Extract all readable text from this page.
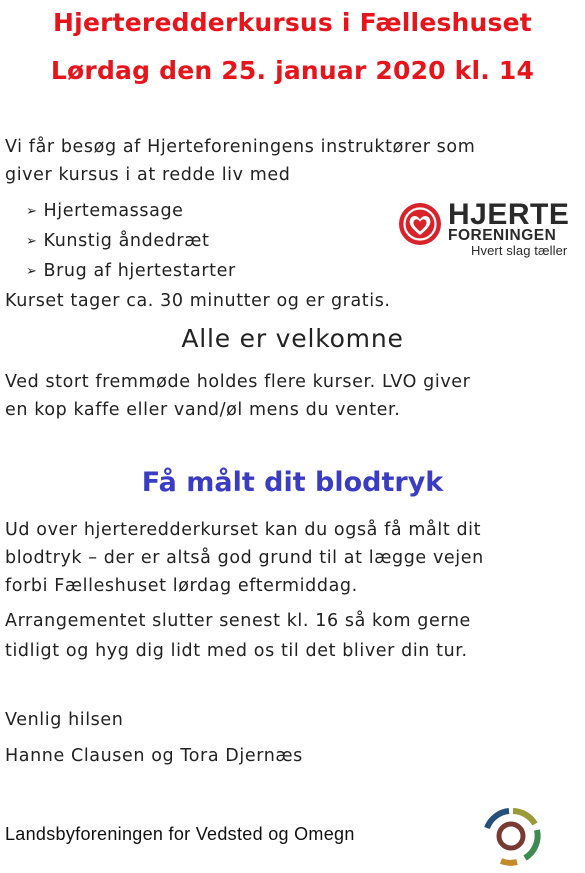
Hjerteredderkursus i Fælleshuset
Lørdag den 25. januar 2020 kl. 14
Vi får besøg af Hjerteforeningens instruktører som
giver kursus i at redde liv med
➢ Hjertemassage
➢ Kunstig åndedræt
➢ Brug af hjertestarter
HJERTE
FORENINGEN
Hvert slag tæller
Kurset tager ca. 30 minutter og er gratis.
Alle er velkomne
Ved stort fremmøde holdes flere kurser. LVO giver
en kop kaffe eller vand/øl mens du venter.
Få målt dit blodtryk
Ud over hjerteredderkurset kan du også få målt dit
blodtryk – der er altså god grund til at lægge vejen
forbi Fælleshuset lørdag eftermiddag.
Arrangementet slutter senest kl. 16 så kom gerne
tidligt og hyg dig lidt med os til det bliver din tur.
Venlig hilsen
Hanne Clausen og Tora Djernæs
Landsbyforeningen for Vedsted og Omegn
